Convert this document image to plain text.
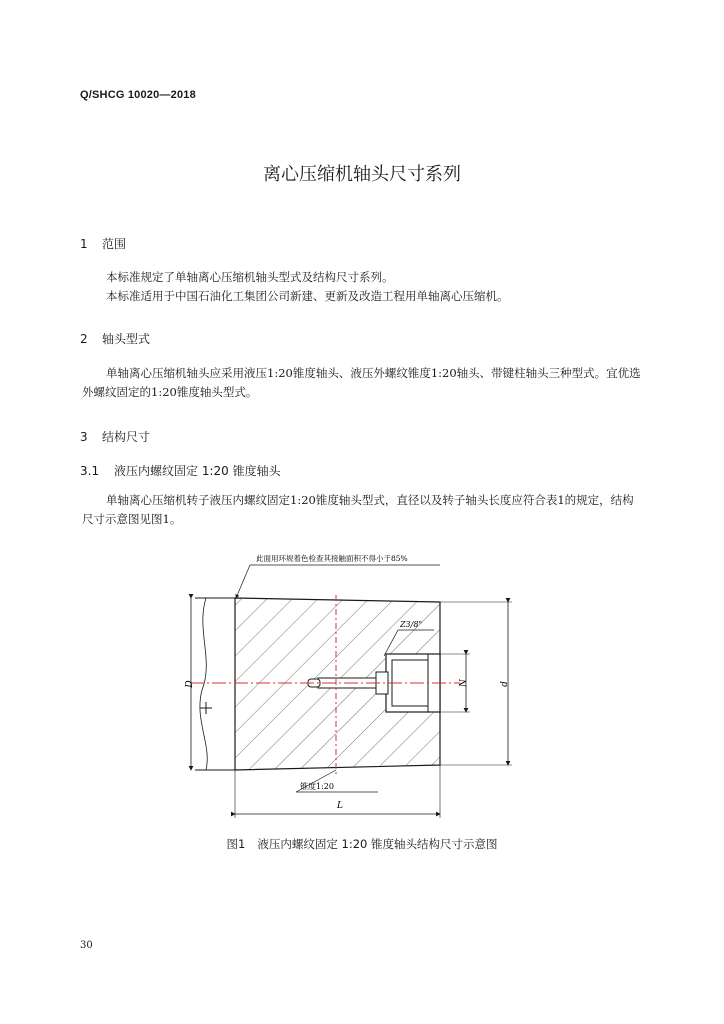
Q/SHCG 10020—2018
离心压缩机轴头尺寸系列
1 范围
本标准规定了单轴离心压缩机轴头型式及结构尺寸系列。
本标准适用于中国石油化工集团公司新建、更新及改造工程用单轴离心压缩机。
2 轴头型式
单轴离心压缩机轴头应采用液压1:20锥度轴头、液压外螺纹锥度1:20轴头、带键柱轴头三种型式。宜优选外螺纹固定的1:20锥度轴头型式。
3 结构尺寸
3.1 液压内螺纹固定 1:20 锥度轴头
单轴离心压缩机转子液压内螺纹固定1:20锥度轴头型式，直径以及转子轴头长度应符合表1的规定，结构尺寸示意图见图1。
D	N	d
L
锥度1:20
Z3/8"
此面用环规着色检查其接触面积不得小于85%
图1 液压内螺纹固定 1:20 锥度轴头结构尺寸示意图
30
